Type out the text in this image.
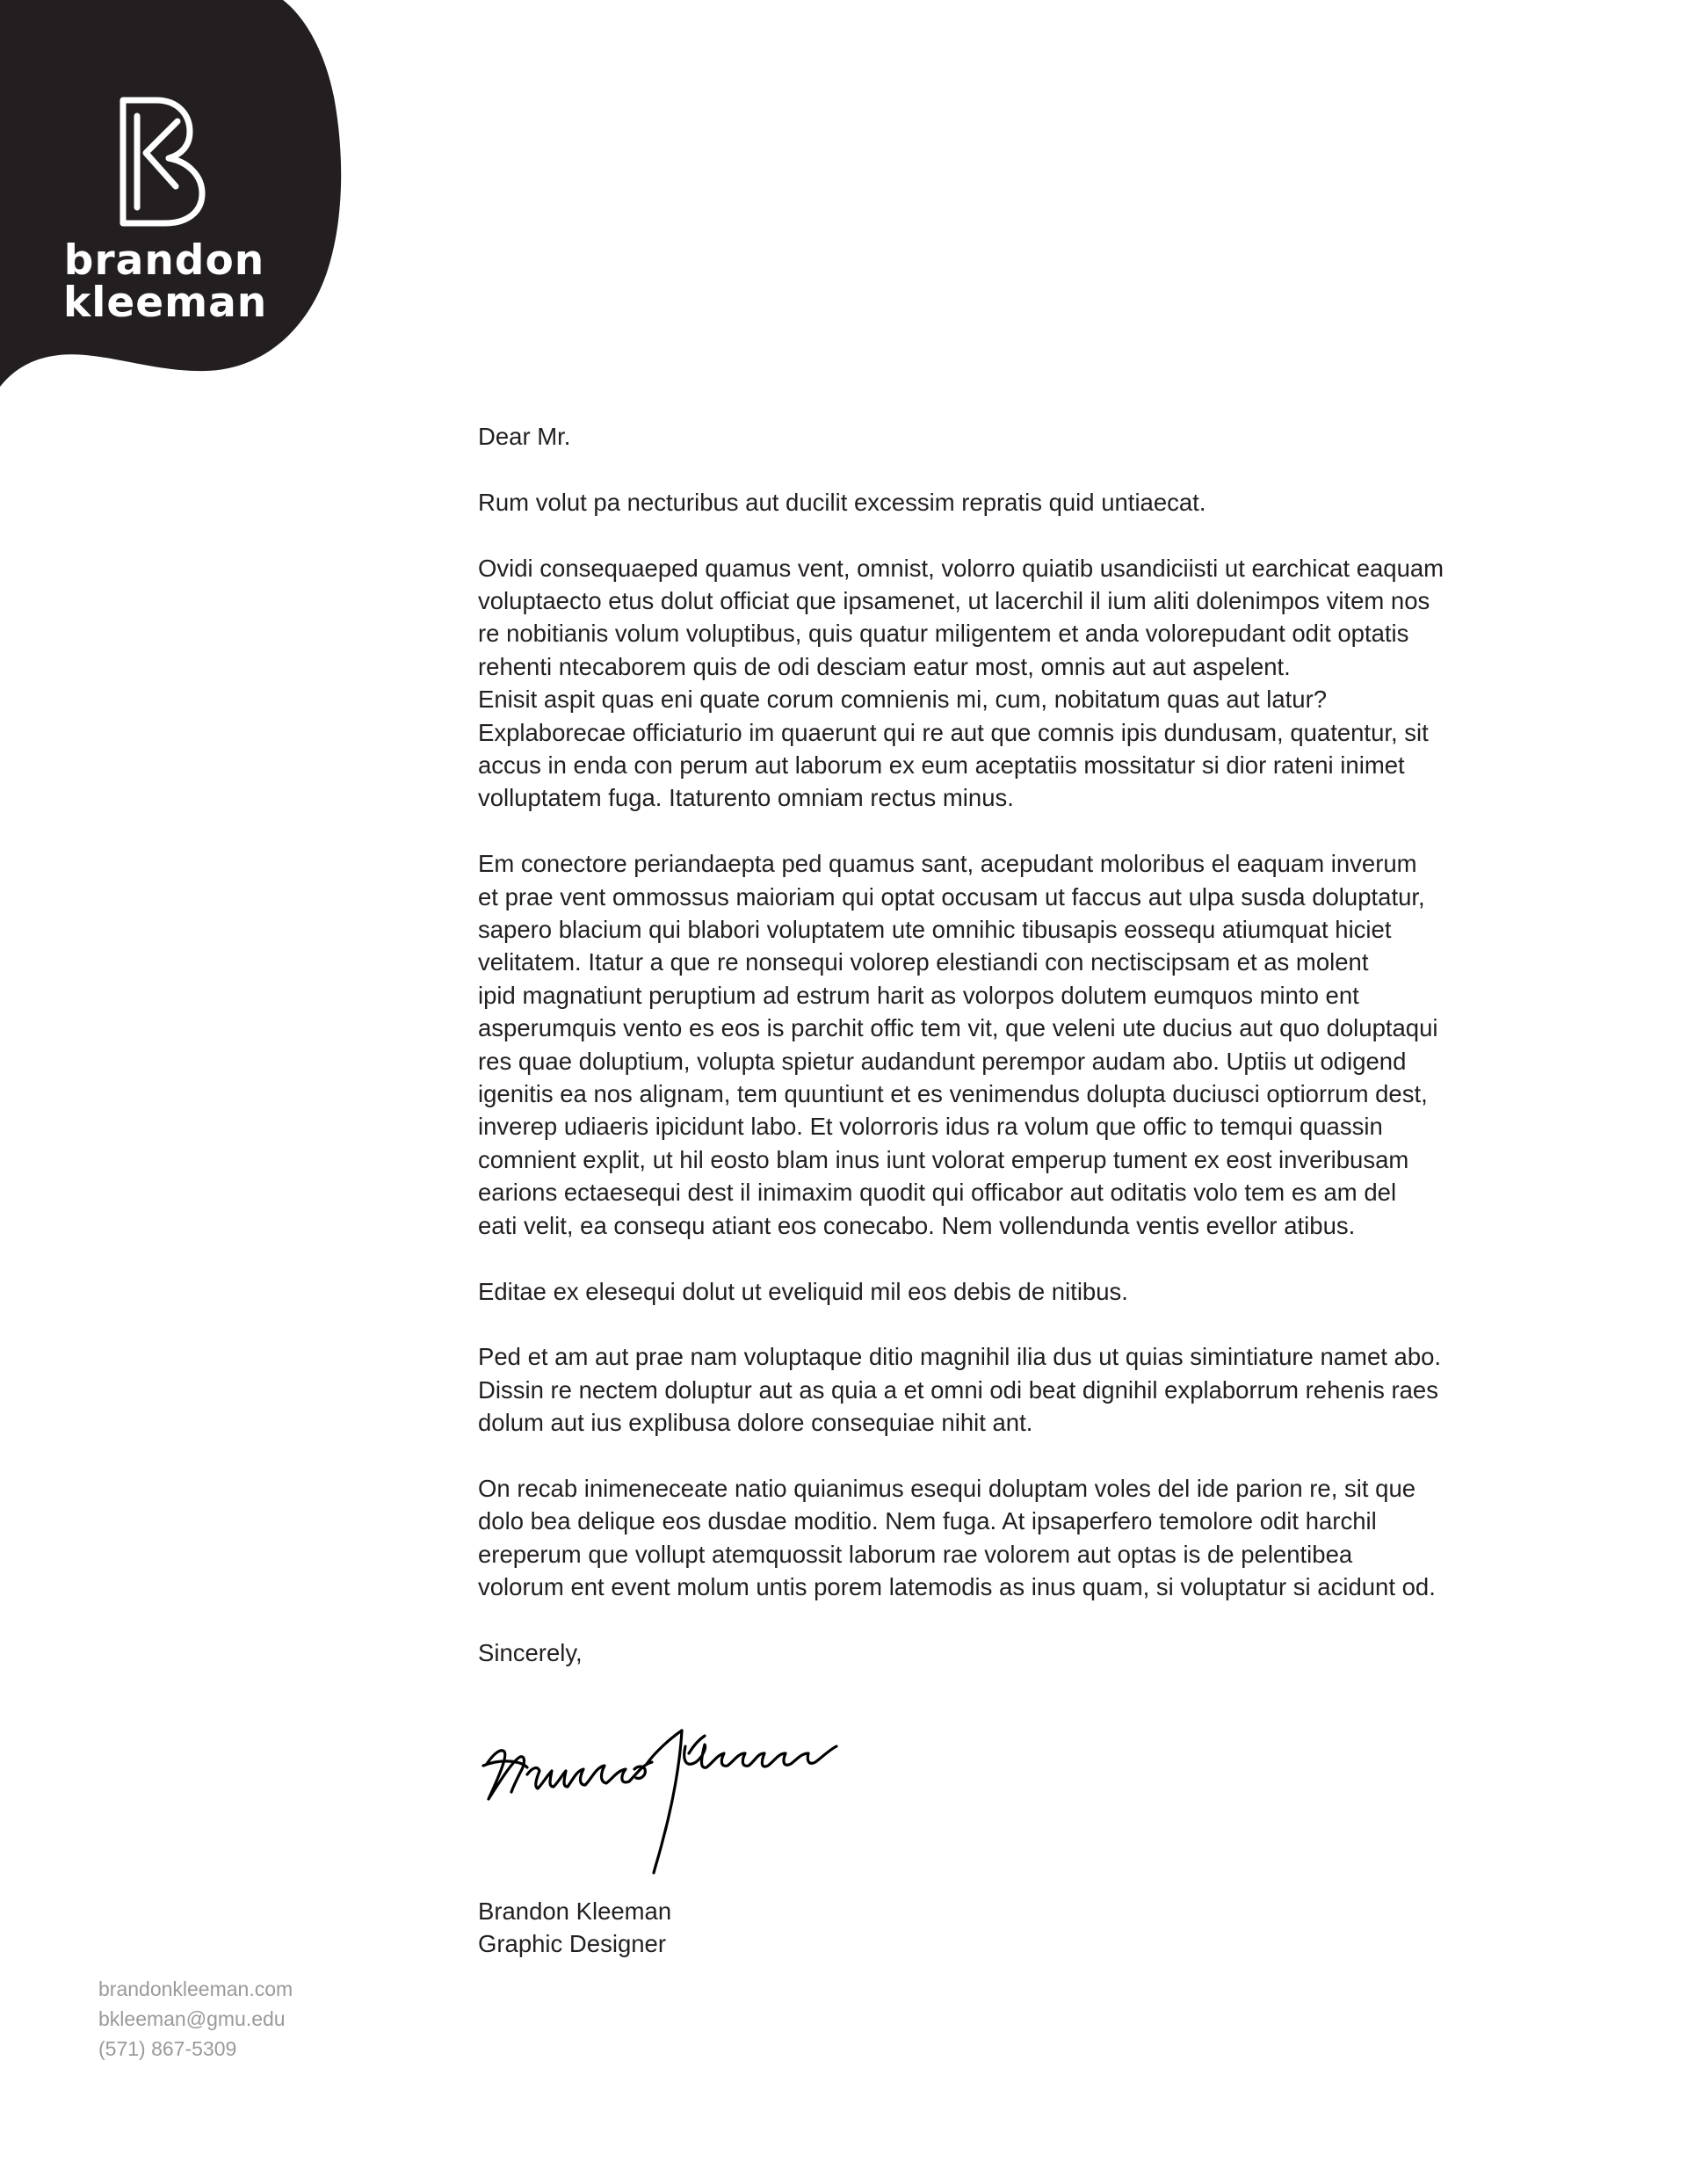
brandon
kleeman

Dear Mr.

Rum volut pa necturibus aut ducilit excessim repratis quid untiaecat.

Ovidi consequaeped quamus vent, omnist, volorro quiatib usandiciisti ut earchicat eaquam
voluptaecto etus dolut officiat que ipsamenet, ut lacerchil il ium aliti dolenimpos vitem nos
re nobitianis volum voluptibus, quis quatur miligentem et anda volorepudant odit optatis
rehenti ntecaborem quis de odi desciam eatur most, omnis aut aut aspelent.
Enisit aspit quas eni quate corum comnienis mi, cum, nobitatum quas aut latur?
Explaborecae officiaturio im quaerunt qui re aut que comnis ipis dundusam, quatentur, sit
accus in enda con perum aut laborum ex eum aceptatiis mossitatur si dior rateni inimet
volluptatem fuga. Itaturento omniam rectus minus.

Em conectore periandaepta ped quamus sant, acepudant moloribus el eaquam inverum
et prae vent ommossus maioriam qui optat occusam ut faccus aut ulpa susda doluptatur,
sapero blacium qui blabori voluptatem ute omnihic tibusapis eossequ atiumquat hiciet
velitatem. Itatur a que re nonsequi volorep elestiandi con nectiscipsam et as molent
ipid magnatiunt peruptium ad estrum harit as volorpos dolutem eumquos minto ent
asperumquis vento es eos is parchit offic tem vit, que veleni ute ducius aut quo doluptaqui
res quae doluptium, volupta spietur audandunt perempor audam abo. Uptiis ut odigend
igenitis ea nos alignam, tem quuntiunt et es venimendus dolupta duciusci optiorrum dest,
inverep udiaeris ipicidunt labo. Et volorroris idus ra volum que offic to temqui quassin
comnient explit, ut hil eosto blam inus iunt volorat emperup tument ex eost inveribusam
earions ectaesequi dest il inimaxim quodit qui officabor aut oditatis volo tem es am del
eati velit, ea consequ atiant eos conecabo. Nem vollendunda ventis evellor atibus.

Editae ex elesequi dolut ut eveliquid mil eos debis de nitibus.

Ped et am aut prae nam voluptaque ditio magnihil ilia dus ut quias simintiature namet abo.
Dissin re nectem doluptur aut as quia a et omni odi beat dignihil explaborrum rehenis raes
dolum aut ius explibusa dolore consequiae nihit ant.

On recab inimeneceate natio quianimus esequi doluptam voles del ide parion re, sit que
dolo bea delique eos dusdae moditio. Nem fuga. At ipsaperfero temolore odit harchil
ereperum que vollupt atemquossit laborum rae volorem aut optas is de pelentibea
volorum ent event molum untis porem latemodis as inus quam, si voluptatur si acidunt od.

Sincerely,

Brandon Kleeman
Graphic Designer
brandonkleeman.com
bkleeman@gmu.edu
(571) 867-5309
